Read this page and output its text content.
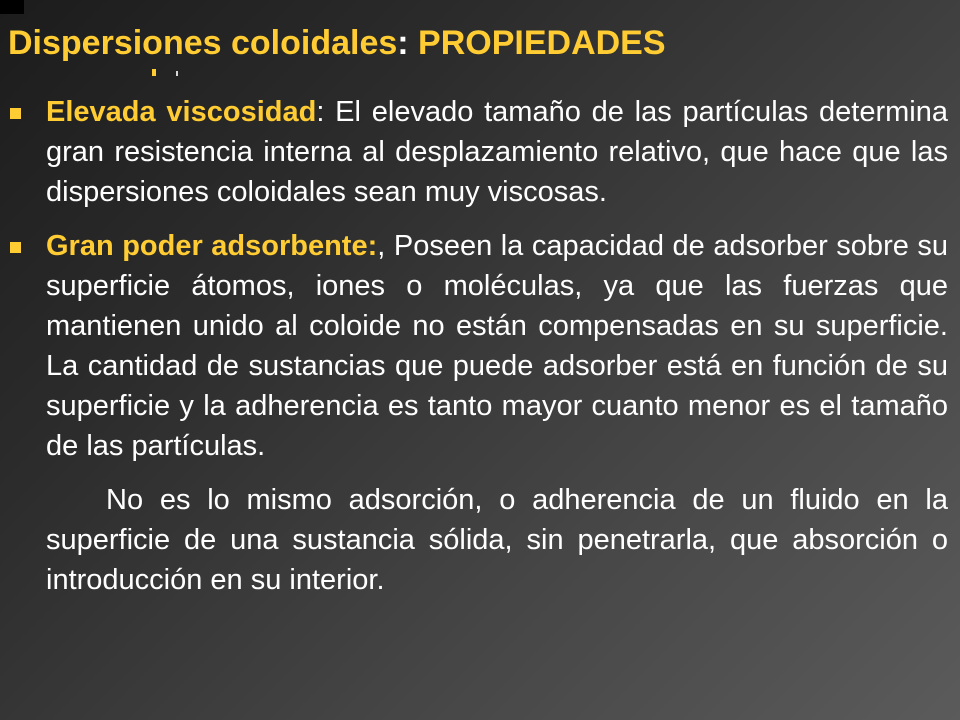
Dispersiones coloidales: PROPIEDADES
Elevada viscosidad: El elevado tamaño de las partículas determina gran resistencia interna al desplazamiento relativo, que hace que las dispersiones coloidales sean muy viscosas.
Gran poder adsorbente:, Poseen la capacidad de adsorber sobre su superficie átomos, iones o moléculas, ya que las fuerzas que mantienen unido al coloide no están compensadas en su superficie. La cantidad de sustancias que puede adsorber está en función de su superficie y la adherencia es tanto mayor cuanto menor es el tamaño de las partículas.
No es lo mismo adsorción, o adherencia de un fluido en la superficie de una sustancia sólida, sin penetrarla, que absorción o introducción en su interior.
